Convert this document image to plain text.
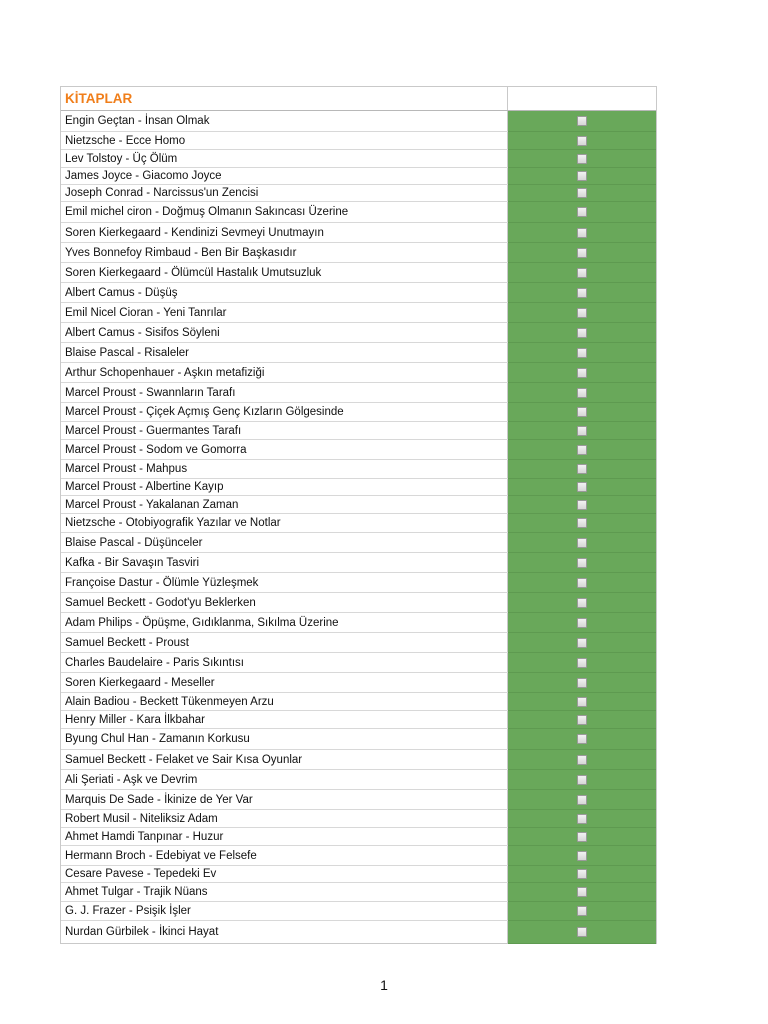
KİTAPLAR
Engin Geçtan - İnsan Olmak
Nietzsche - Ecce Homo
Lev Tolstoy - Üç Ölüm
James Joyce - Giacomo Joyce
Joseph Conrad - Narcissus'un Zencisi
Emil michel ciron - Doğmuş Olmanın Sakıncası Üzerine
Soren Kierkegaard - Kendinizi Sevmeyi Unutmayın
Yves Bonnefoy Rimbaud - Ben Bir Başkasıdır
Soren Kierkegaard - Ölümcül Hastalık Umutsuzluk
Albert Camus - Düşüş
Emil Nicel Cioran - Yeni Tanrılar
Albert Camus - Sisifos Söyleni
Blaise Pascal - Risaleler
Arthur Schopenhauer - Aşkın metafiziği
Marcel Proust - Swannların Tarafı
Marcel Proust - Çiçek Açmış Genç Kızların Gölgesinde
Marcel Proust - Guermantes Tarafı
Marcel Proust - Sodom ve Gomorra
Marcel Proust - Mahpus
Marcel Proust - Albertine Kayıp
Marcel Proust - Yakalanan Zaman
Nietzsche - Otobiyografik Yazılar ve Notlar
Blaise Pascal - Düşünceler
Kafka - Bir Savaşın Tasviri
Françoise Dastur - Ölümle Yüzleşmek
Samuel Beckett - Godot'yu Beklerken
Adam Philips - Öpüşme, Gıdıklanma, Sıkılma Üzerine
Samuel Beckett - Proust
Charles Baudelaire - Paris Sıkıntısı
Soren Kierkegaard - Meseller
Alain Badiou - Beckett Tükenmeyen Arzu
Henry Miller - Kara İlkbahar
Byung Chul Han - Zamanın Korkusu
Samuel Beckett - Felaket ve Sair Kısa Oyunlar
Ali Şeriati - Aşk ve Devrim
Marquis De Sade - İkinize de Yer Var
Robert Musil - Niteliksiz Adam
Ahmet Hamdi Tanpınar - Huzur
Hermann Broch - Edebiyat ve Felsefe
Cesare Pavese - Tepedeki Ev
Ahmet Tulgar - Trajik Nüans
G. J. Frazer - Psişik İşler
Nurdan Gürbilek - İkinci Hayat
1
